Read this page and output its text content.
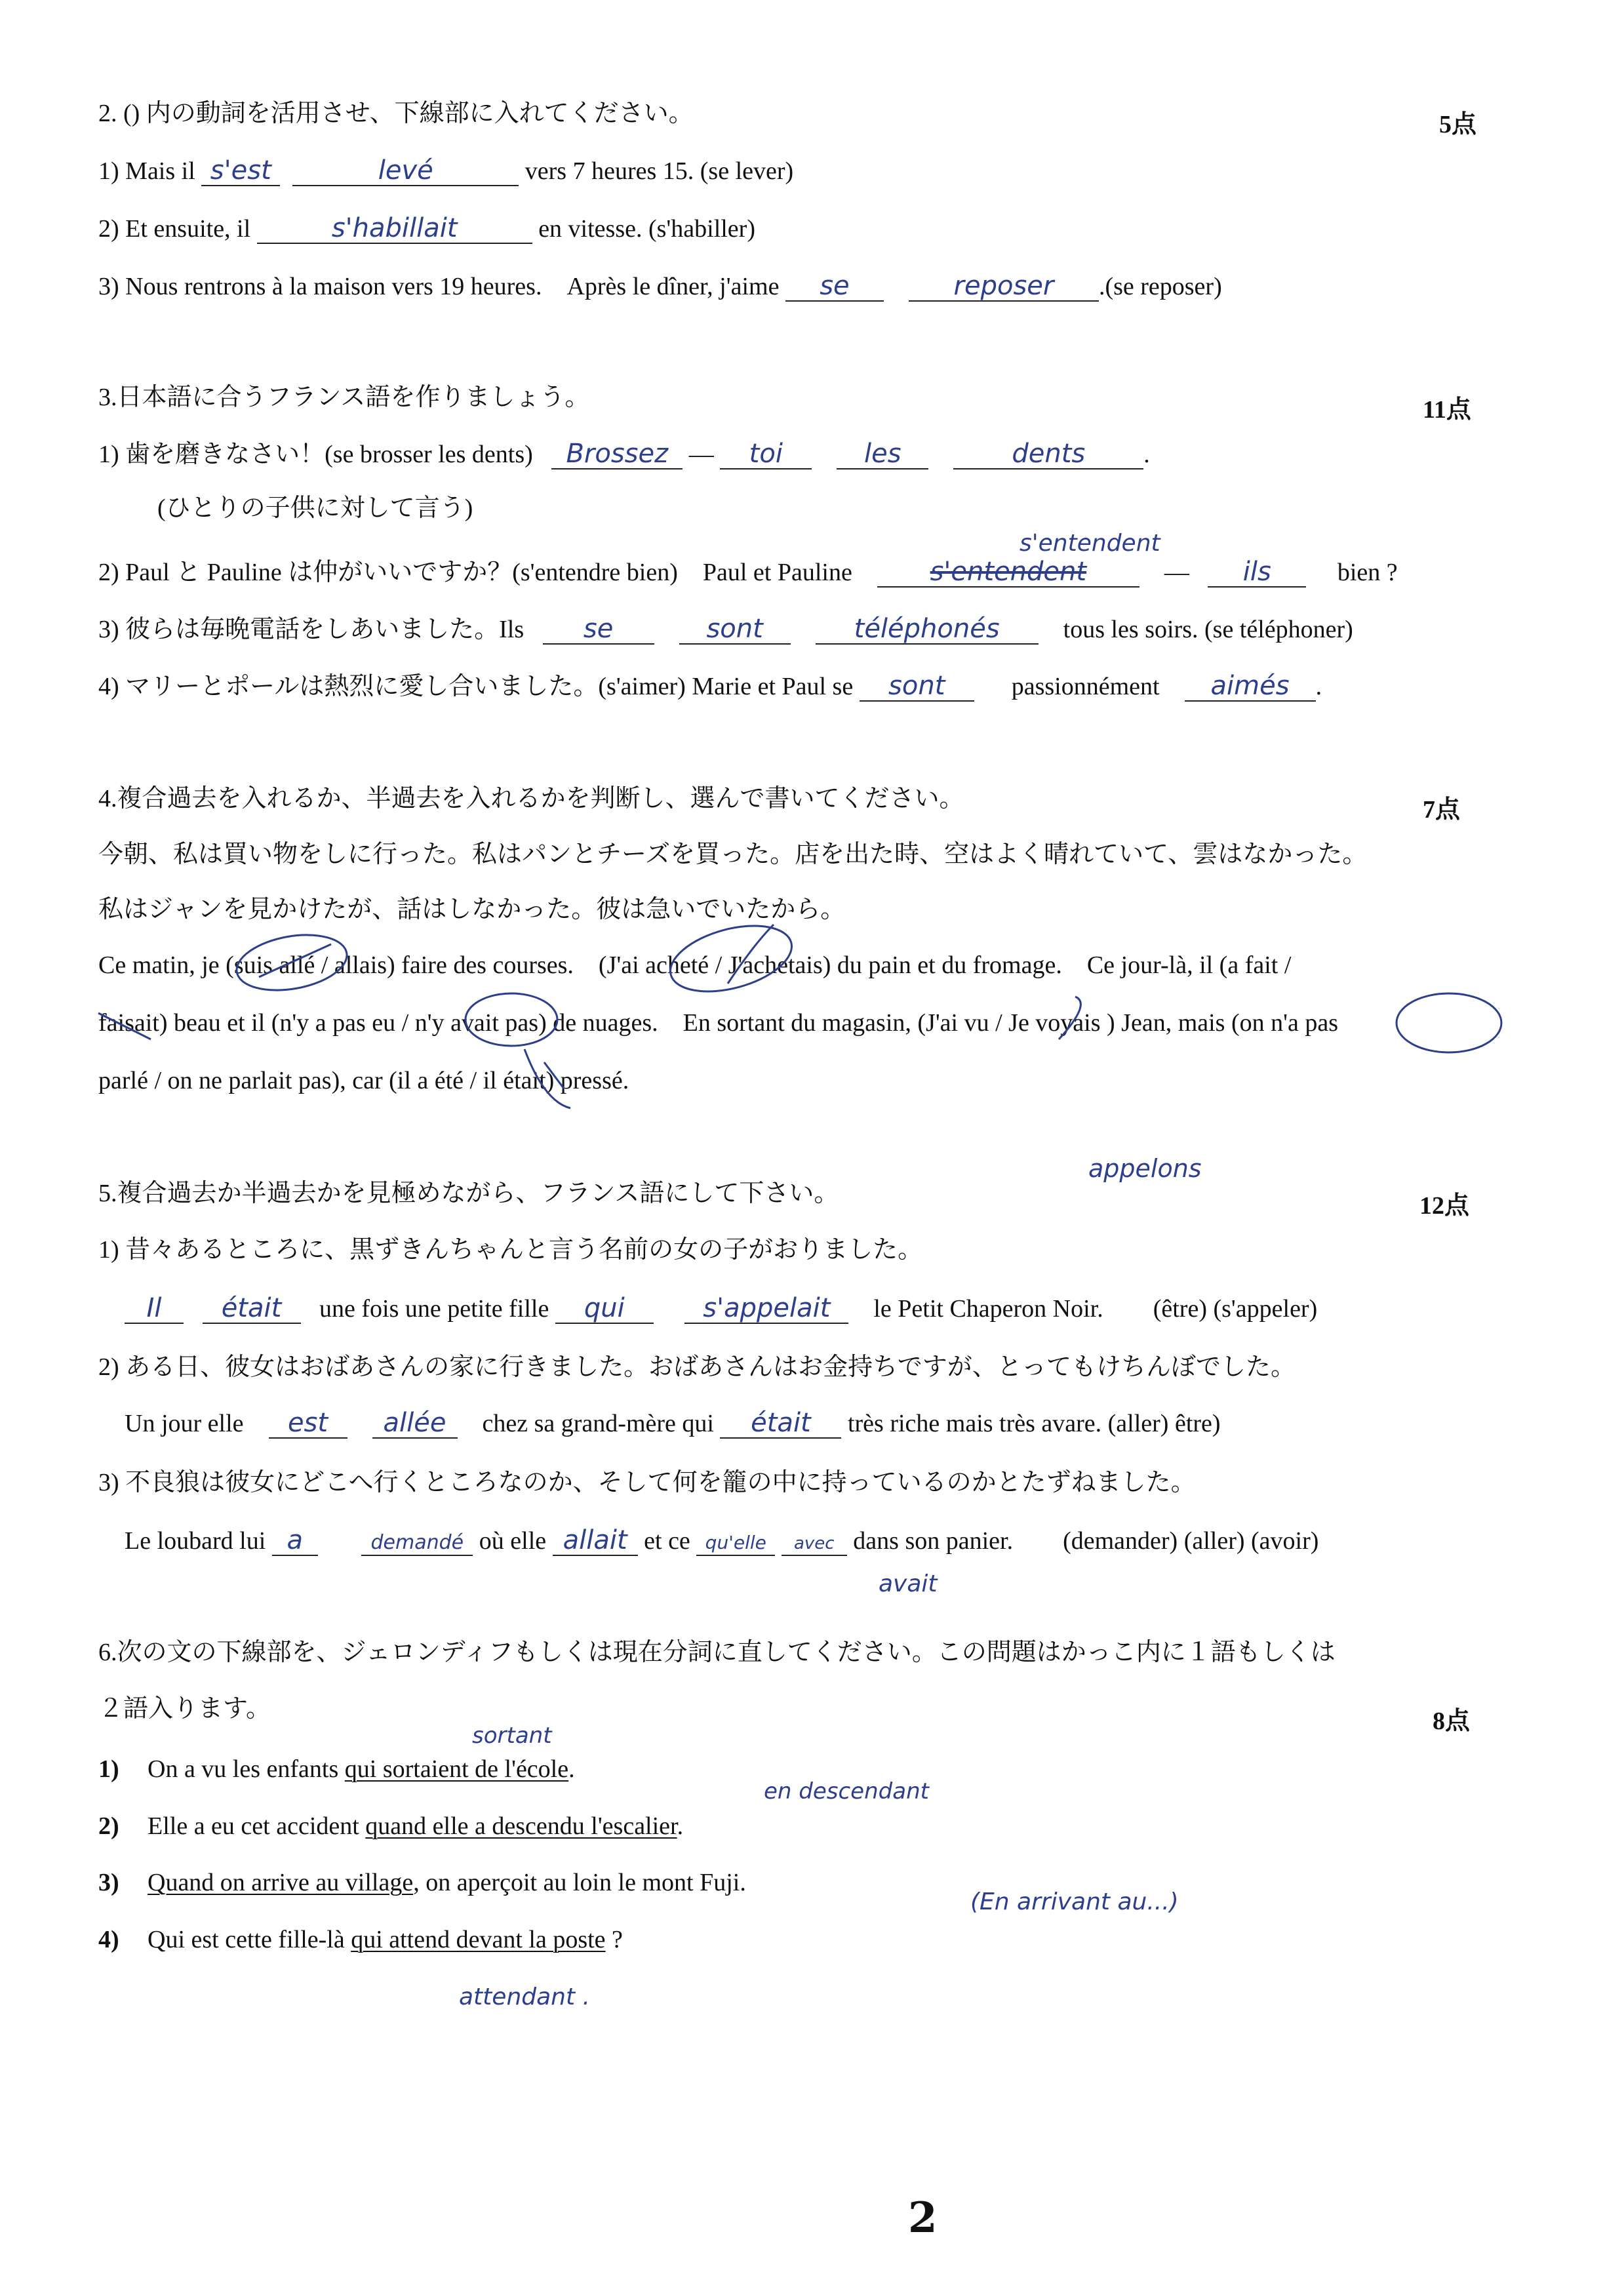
2. () 内の動詞を活用させ、下線部に入れてください。	5点
1) Mais il s'est	levé	vers 7 heures 15. (se lever)
2) Et ensuite, il	s'habillait	en vitesse. (s'habiller)
3) Nous rentrons à la maison vers 19 heures.　Après le dîner, j'aime se	reposer .(se reposer)
3.日本語に合うフランス語を作りましょう。	11点
1) 歯を磨きなさい！(se brosser les dents) Brossez — toi	les	dents .
(ひとりの子供に対して言う)
s'entendent
2) Paul と Pauline は仲がいいですか？(s'entendre bien)　Paul et Pauline	s'entendent	— ils	bien ?
3) 彼らは毎晩電話をしあいました。Ils se	sont	téléphonés	tous les soirs. (se téléphoner)
4) マリーとポールは熱烈に愛し合いました。(s'aimer) Marie et Paul se sont	passionnément aimés .
4.複合過去を入れるか、半過去を入れるかを判断し、選んで書いてください。	7点
今朝、私は買い物をしに行った。私はパンとチーズを買った。店を出た時、空はよく晴れていて、雲はなかった。
私はジャンを見かけたが、話はしなかった。彼は急いでいたから。
Ce matin, je (suis allé / allais) faire des courses.　(J'ai acheté / J'achetais) du pain et du fromage.　Ce jour-là, il (a fait /
faisait) beau et il (n'y a pas eu / n'y avait pas) de nuages.　En sortant du magasin, (J'ai vu / Je voyais ) Jean, mais (on n'a pas
parlé / on ne parlait pas), car (il a été / il était) pressé.
5.複合過去か半過去かを見極めながら、フランス語にして下さい。
appelons
12点
1) 昔々あるところに、黒ずきんちゃんと言う名前の女の子がおりました。
Il était une fois une petite fille qui	s'appelait le Petit Chaperon Noir.　　(être) (s'appeler)
2) ある日、彼女はおばあさんの家に行きました。おばあさんはお金持ちですが、とってもけちんぼでした。
Un jour elle est allée chez sa grand-mère qui était très riche mais très avare. (aller) être)
3) 不良狼は彼女にどこへ行くところなのか、そして何を籠の中に持っているのかとたずねました。
Le loubard lui a	demandé où elle allait et ce qu'elle avec dans son panier.　　(demander) (aller) (avoir)
avait
6.次の文の下線部を、ジェロンディフもしくは現在分詞に直してください。この問題はかっこ内に１語もしくは
２語入ります。	8点
sortant
1) On a vu les enfants qui sortaient de l'école.
en descendant
2) Elle a eu cet accident quand elle a descendu l'escalier.
3) Quand on arrive au village, on aperçoit au loin le mont Fuji.
(En arrivant au...)
4) Qui est cette fille-là qui attend devant la poste ?
attendant .
2
